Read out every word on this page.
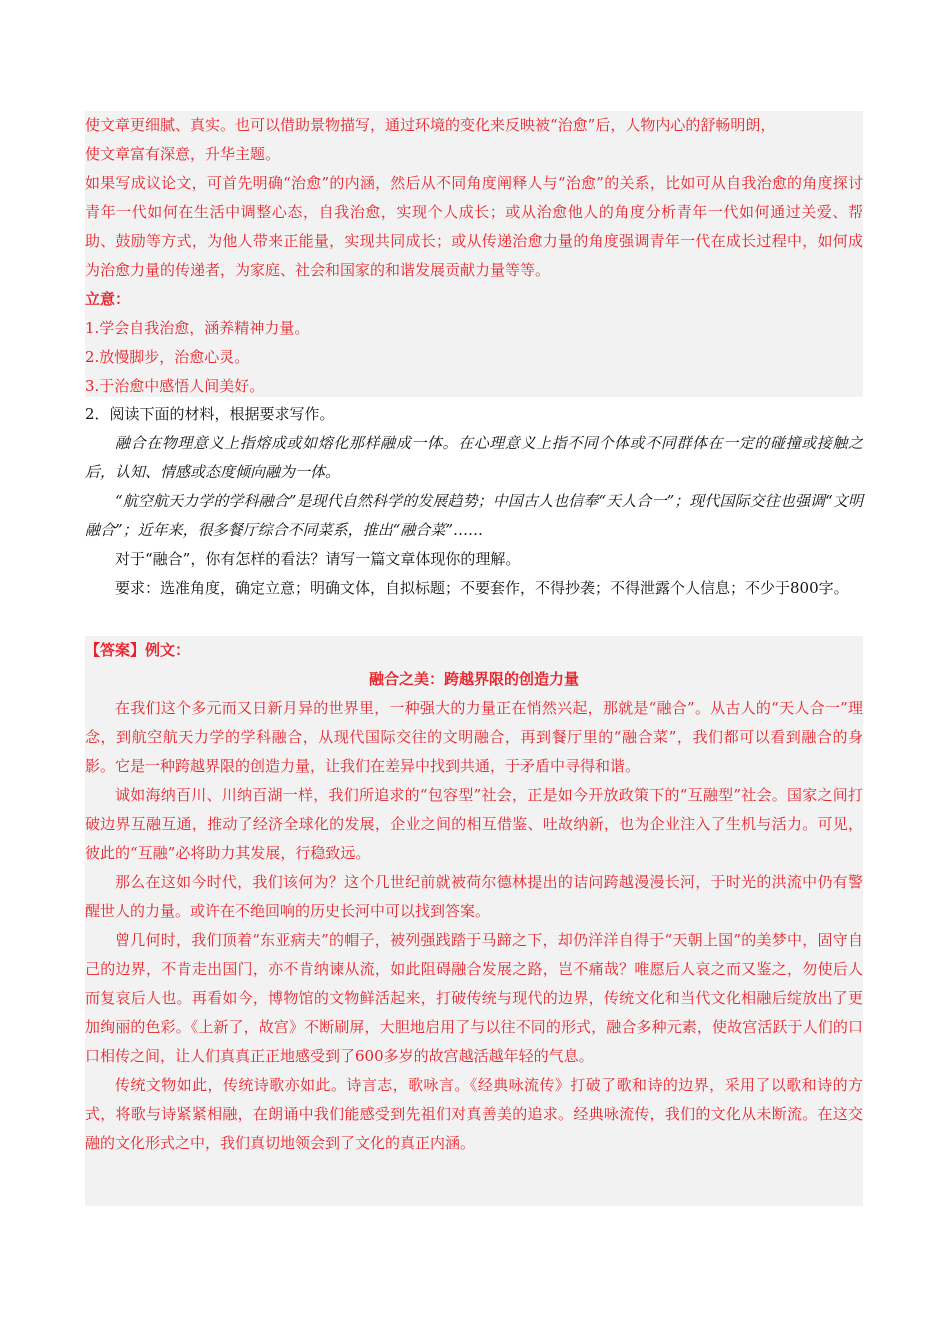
使文章更细腻、真实。也可以借助景物描写，通过环境的变化来反映被“治愈”后，人物内心的舒畅明朗，

使文章富有深意，升华主题。

如果写成议论文，可首先明确“治愈”的内涵，然后从不同角度阐释人与“治愈”的关系，比如可从自我治愈的角度探讨青年一代如何在生活中调整心态，自我治愈，实现个人成长；或从治愈他人的角度分析青年一代如何通过关爱、帮助、鼓励等方式，为他人带来正能量，实现共同成长；或从传递治愈力量的角度强调青年一代在成长过程中，如何成为治愈力量的传递者，为家庭、社会和国家的和谐发展贡献力量等等。

立意：

1.学会自我治愈，涵养精神力量。

2.放慢脚步，治愈心灵。

3.于治愈中感悟人间美好。

2．阅读下面的材料，根据要求写作。

融合在物理意义上指熔成或如熔化那样融成一体。在心理意义上指不同个体或不同群体在一定的碰撞或接触之后，认知、情感或态度倾向融为一体。

“航空航天力学的学科融合”是现代自然科学的发展趋势；中国古人也信奉“天人合一”；现代国际交往也强调“文明融合”；近年来，很多餐厅综合不同菜系，推出“融合菜”……

对于“融合”，你有怎样的看法？请写一篇文章体现你的理解。

要求：选准角度，确定立意；明确文体，自拟标题；不要套作，不得抄袭；不得泄露个人信息；不少于800字。

【答案】例文：

融合之美：跨越界限的创造力量

在我们这个多元而又日新月异的世界里，一种强大的力量正在悄然兴起，那就是“融合”。从古人的“天人合一”理念，到航空航天力学的学科融合，从现代国际交往的文明融合，再到餐厅里的“融合菜”，我们都可以看到融合的身影。它是一种跨越界限的创造力量，让我们在差异中找到共通，于矛盾中寻得和谐。

诚如海纳百川、川纳百湖一样，我们所追求的“包容型”社会，正是如今开放政策下的“互融型”社会。国家之间打破边界互融互通，推动了经济全球化的发展，企业之间的相互借鉴、吐故纳新，也为企业注入了生机与活力。可见，彼此的“互融”必将助力其发展，行稳致远。

那么在这如今时代，我们该何为？这个几世纪前就被荷尔德林提出的诘问跨越漫漫长河，于时光的洪流中仍有警醒世人的力量。或许在不绝回响的历史长河中可以找到答案。

曾几何时，我们顶着“东亚病夫”的帽子，被列强践踏于马蹄之下，却仍洋洋自得于“天朝上国”的美梦中，固守自己的边界，不肯走出国门，亦不肯纳谏从流，如此阻碍融合发展之路，岂不痛哉？唯愿后人哀之而又鉴之，勿使后人而复哀后人也。再看如今，博物馆的文物鲜活起来，打破传统与现代的边界，传统文化和当代文化相融后绽放出了更加绚丽的色彩。《上新了，故宫》不断刷屏，大胆地启用了与以往不同的形式，融合多种元素，使故宫活跃于人们的口口相传之间，让人们真真正正地感受到了600多岁的故宫越活越年轻的气息。

传统文物如此，传统诗歌亦如此。诗言志，歌咏言。《经典咏流传》打破了歌和诗的边界，采用了以歌和诗的方式，将歌与诗紧紧相融，在朗诵中我们能感受到先祖们对真善美的追求。经典咏流传，我们的文化从未断流。在这交融的文化形式之中，我们真切地领会到了文化的真正内涵。
